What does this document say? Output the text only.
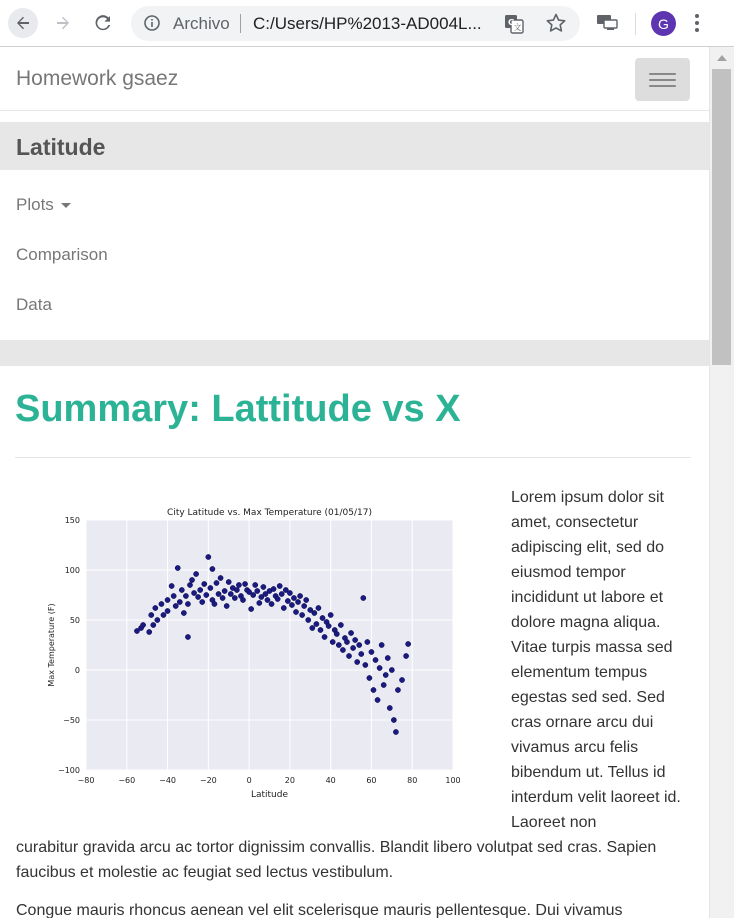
Archivo C:/Users/HP%2013-AD004L...	G
文	G
Homework gsaez
Latitude
Plots
Comparison
Data
Summary: Lattitude vs X
−80	−60	−40	−20	0	20	40	60	80	100
150
100
50
0
−50
−100
City Latitude vs. Max Temperature (01/05/17)
Latitude
Max Temperature (F)

Lorem ipsum dolor sit amet, consectetur adipiscing elit, sed do eiusmod tempor incididunt ut labore et dolore magna aliqua. Vitae turpis massa sed elementum tempus egestas sed sed. Sed cras ornare arcu dui vivamus arcu felis bibendum ut. Tellus id interdum velit laoreet id. Laoreet non

curabitur gravida arcu ac tortor dignissim convallis. Blandit libero volutpat sed cras. Sapien faucibus et molestie ac feugiat sed lectus vestibulum.

Congue mauris rhoncus aenean vel elit scelerisque mauris pellentesque. Dui vivamus
